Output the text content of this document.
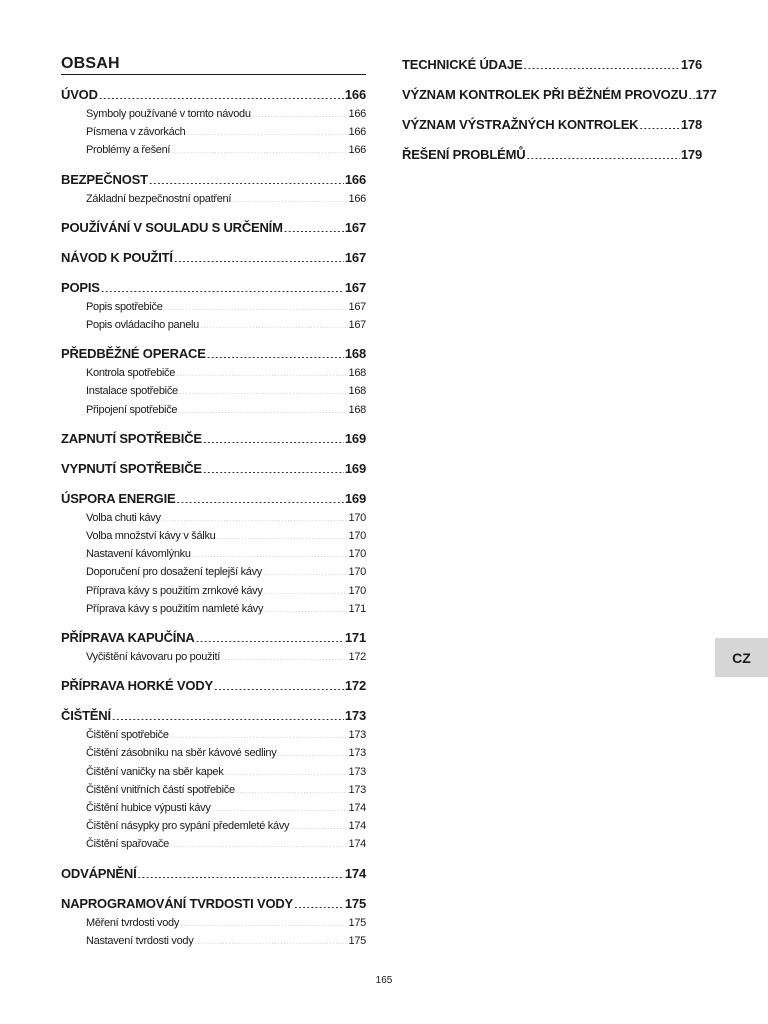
OBSAH
ÚVOD .....	166
Symboly používané v tomto návodu .....	166
Písmena v závorkách .....	166
Problémy a řešení .....	166
BEZPEČNOST .....	166
Základní bezpečnostní opatření .....	166
POUŽÍVÁNÍ V SOULADU S URČENÍM .....	167
NÁVOD K POUŽITÍ .....	167
POPIS .....	167
Popis spotřebiče .....	167
Popis ovládacího panelu .....	167
PŘEDBĚŽNÉ OPERACE .....	168
Kontrola spotřebiče .....	168
Instalace spotřebiče .....	168
Připojení spotřebiče .....	168
ZAPNUTÍ SPOTŘEBIČE .....	169
VYPNUTÍ SPOTŘEBIČE .....	169
ÚSPORA ENERGIE .....	169
Volba chuti kávy .....	170
Volba množství kávy v šálku .....	170
Nastavení kávomlýnku .....	170
Doporučení pro dosažení teplejší kávy .....	170
Příprava kávy s použitím zrnkové kávy .....	170
Příprava kávy s použitím namleté kávy .....	171
PŘÍPRAVA KAPUČÍNA .....	171
Vyčištění kávovaru po použití .....	172
PŘÍPRAVA HORKÉ VODY .....	172
ČIŠTĚNÍ .....	173
Čištění spotřebiče .....	173
Čištění zásobníku na sběr kávové sedliny .....	173
Čištění vaničky na sběr kapek .....	173
Čištění vnitřních částí spotřebiče .....	173
Čištění hubice výpusti kávy .....	174
Čištění násypky pro sypání předemleté kávy .....	174
Čištění spařovače .....	174
ODVÁPNĚNÍ .....	174
NAPROGRAMOVÁNÍ TVRDOSTI VODY .....	175
Měření tvrdosti vody .....	175
Nastavení tvrdosti vody .....	175
TECHNICKÉ ÚDAJE .....	176
VÝZNAM KONTROLEK PŘI BĚŽNÉM PROVOZU ..... 177
VÝZNAM VÝSTRAŽNÝCH KONTROLEK .....	178
ŘEŠENÍ PROBLÉMŮ .....	179
CZ
165
